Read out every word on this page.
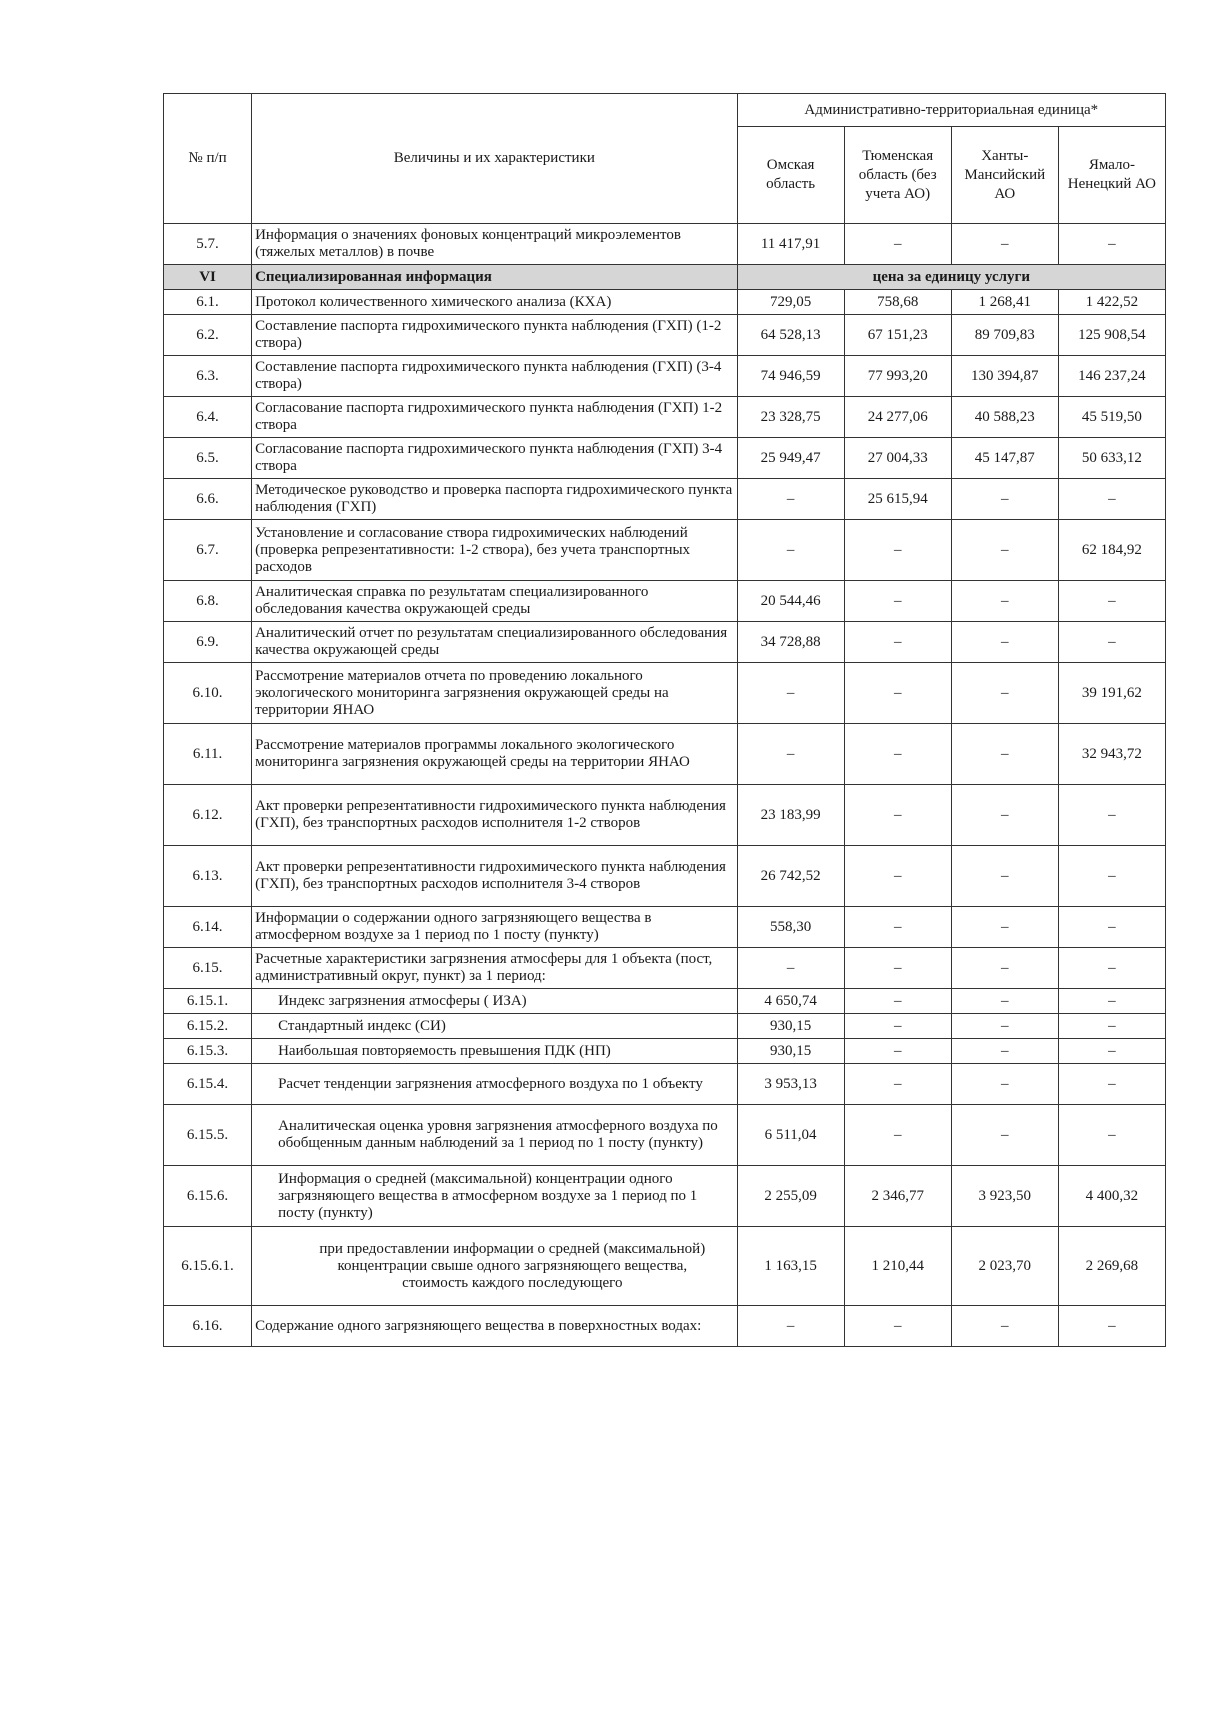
№ п/п	Величины и их характеристики	Административно-территориальная единица*			
		Омская область	Тюменская область (без учета АО)	Ханты-Мансийский АО	Ямало-Ненецкий АО
5.7.	Информация о значениях фоновых концентраций микроэлементов (тяжелых металлов) в почве	11 417,91	–	–	–
VI	Специализированная информация	цена за единицу услуги			
6.1.	Протокол количественного химического анализа (КХА)	729,05	758,68	1 268,41	1 422,52
6.2.	Составление паспорта гидрохимического пункта наблюдения (ГХП) (1-2 створа)	64 528,13	67 151,23	89 709,83	125 908,54
6.3.	Составление паспорта гидрохимического пункта наблюдения (ГХП) (3-4 створа)	74 946,59	77 993,20	130 394,87	146 237,24
6.4.	Согласование паспорта гидрохимического пункта наблюдения (ГХП) 1-2 створа	23 328,75	24 277,06	40 588,23	45 519,50
6.5.	Согласование паспорта гидрохимического пункта наблюдения (ГХП) 3-4 створа	25 949,47	27 004,33	45 147,87	50 633,12
6.6.	Методическое руководство и проверка паспорта гидрохимического пункта наблюдения (ГХП)	–	25 615,94	–	–
6.7.	Установление и согласование створа гидрохимических наблюдений (проверка репрезентативности: 1-2 створа), без учета транспортных расходов	–	–	–	62 184,92
6.8.	Аналитическая справка по результатам специализированного обследования качества окружающей среды	20 544,46	–	–	–
6.9.	Аналитический отчет по результатам специализированного обследования качества окружающей среды	34 728,88	–	–	–
6.10.	Рассмотрение материалов отчета по проведению локального экологического мониторинга загрязнения окружающей среды на территории ЯНАО	–	–	–	39 191,62
6.11.	Рассмотрение материалов программы локального экологического мониторинга загрязнения окружающей среды на территории ЯНАО	–	–	–	32 943,72
6.12.	Акт проверки репрезентативности гидрохимического пункта наблюдения (ГХП), без транспортных расходов исполнителя 1-2 створов	23 183,99	–	–	–
6.13.	Акт проверки репрезентативности гидрохимического пункта наблюдения (ГХП), без транспортных расходов исполнителя 3-4 створов	26 742,52	–	–	–
6.14.	Информации о содержании одного загрязняющего вещества в атмосферном воздухе за 1 период по 1 посту (пункту)	558,30	–	–	–
6.15.	Расчетные характеристики загрязнения атмосферы для 1 объекта (пост, административный округ, пункт) за 1 период:	–	–	–	–
6.15.1.	Индекс загрязнения атмосферы ( ИЗА)	4 650,74	–	–	–
6.15.2.	Стандартный индекс (СИ)	930,15	–	–	–
6.15.3.	Наибольшая повторяемость превышения ПДК (НП)	930,15	–	–	–
6.15.4.	Расчет тенденции загрязнения атмосферного воздуха по 1 объекту	3 953,13	–	–	–
6.15.5.	Аналитическая оценка уровня загрязнения атмосферного воздуха по обобщенным данным наблюдений за 1 период по 1 посту (пункту)	6 511,04	–	–	–
6.15.6.	Информация о средней (максимальной) концентрации одного загрязняющего вещества в атмосферном воздухе за 1 период по 1 посту (пункту)	2 255,09	2 346,77	3 923,50	4 400,32
6.15.6.1.	при предоставлении информации о средней (максимальной) концентрации свыше одного загрязняющего вещества, стоимость каждого последующего	1 163,15	1 210,44	2 023,70	2 269,68
6.16.	Содержание одного загрязняющего вещества в поверхностных водах:	–	–	–	–
